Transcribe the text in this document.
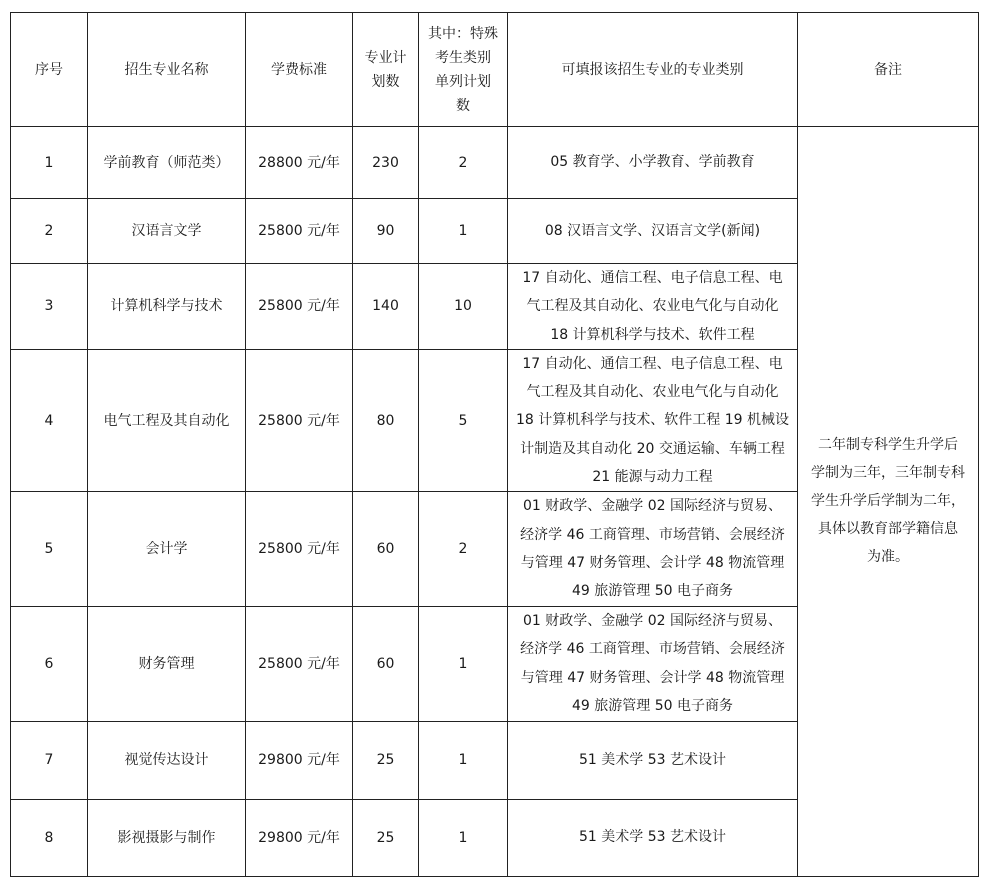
序号	招生专业名称	学费标准	专业计
划数	其中：特殊
考生类别
单列计划
数	可填报该招生专业的专业类别	备注
1	学前教育（师范类）	28800 元/年	230	2	05 教育学、小学教育、学前教育	二年制专科学生升学后
学制为三年，三年制专科
学生升学后学制为二年，
具体以教育部学籍信息
为准。

2	汉语言文学	25800 元/年	90	1	08 汉语言文学、汉语言文学(新闻)	

3	计算机科学与技术	25800 元/年	140	10	17 自动化、通信工程、电子信息工程、电
气工程及其自动化、农业电气化与自动化
18 计算机科学与技术、软件工程	

4	电气工程及其自动化	25800 元/年	80	5	17 自动化、通信工程、电子信息工程、电
气工程及其自动化、农业电气化与自动化
18 计算机科学与技术、软件工程 19 机械设
计制造及其自动化 20 交通运输、车辆工程
21 能源与动力工程	

5	会计学	25800 元/年	60	2	01 财政学、金融学 02 国际经济与贸易、
经济学 46 工商管理、市场营销、会展经济
与管理 47 财务管理、会计学 48 物流管理
49 旅游管理 50 电子商务	

6	财务管理	25800 元/年	60	1	01 财政学、金融学 02 国际经济与贸易、
经济学 46 工商管理、市场营销、会展经济
与管理 47 财务管理、会计学 48 物流管理
49 旅游管理 50 电子商务	

7	视觉传达设计	29800 元/年	25	1	51 美术学 53 艺术设计	

8	影视摄影与制作	29800 元/年	25	1	51 美术学 53 艺术设计	
